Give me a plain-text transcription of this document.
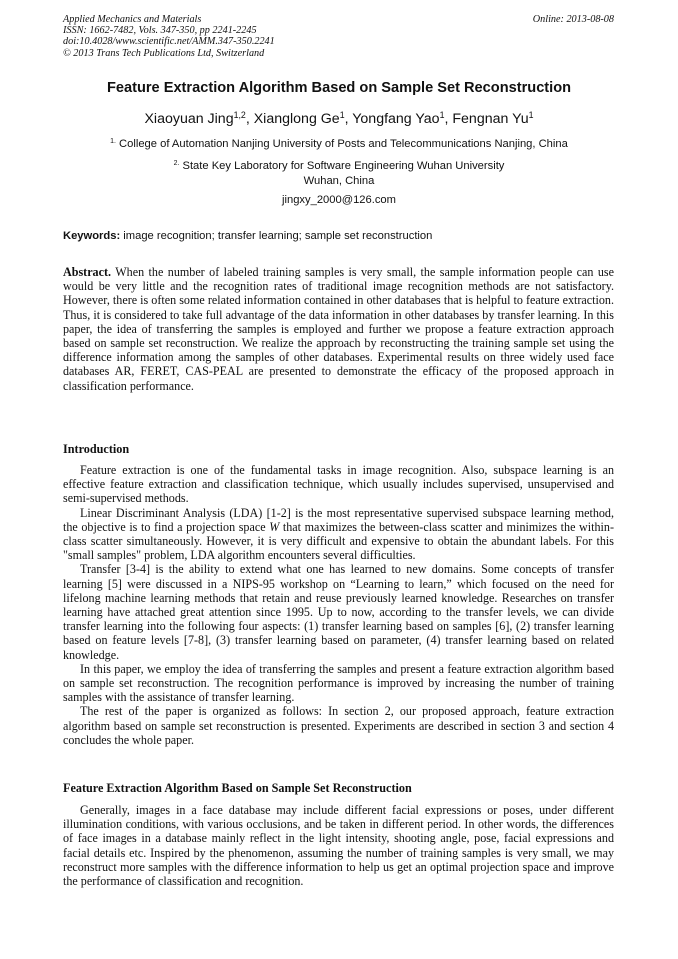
Applied Mechanics and Materials
ISSN: 1662-7482, Vols. 347-350, pp 2241-2245
doi:10.4028/www.scientific.net/AMM.347-350.2241
© 2013 Trans Tech Publications Ltd, Switzerland
Online: 2013-08-08
Feature Extraction Algorithm Based on Sample Set Reconstruction
Xiaoyuan Jing$^{1,2}$, Xianglong Ge$^1$, Yongfang Yao$^1$, Fengnan Yu$^1$
$^{1.}$ College of Automation Nanjing University of Posts and Telecommunications Nanjing, China
$^{2.}$ State Key Laboratory for Software Engineering Wuhan University
Wuhan, China
jingxy_2000@126.com
Keywords: image recognition; transfer learning; sample set reconstruction

Abstract. When the number of labeled training samples is very small, the sample information people can use would be very little and the recognition rates of traditional image recognition methods are not satisfactory. However, there is often some related information contained in other databases that is helpful to feature extraction. Thus, it is considered to take full advantage of the data information in other databases by transfer learning. In this paper, the idea of transferring the samples is employed and further we propose a feature extraction approach based on sample set reconstruction. We realize the approach by reconstructing the training sample set using the difference information among the samples of other databases. Experimental results on three widely used face databases AR, FERET, CAS-PEAL are presented to demonstrate the efficacy of the proposed approach in classification performance.

Introduction

Feature extraction is one of the fundamental tasks in image recognition. Also, subspace learning is an effective feature extraction and classification technique, which usually includes supervised, unsupervised and semi-supervised methods.

Linear Discriminant Analysis (LDA) [1-2] is the most representative supervised subspace learning method, the objective is to find a projection space W that maximizes the between-class scatter and minimizes the within-class scatter simultaneously. However, it is very difficult and expensive to obtain the abundant labels. For this "small samples" problem, LDA algorithm encounters several difficulties.

Transfer [3-4] is the ability to extend what one has learned to new domains. Some concepts of transfer learning [5] were discussed in a NIPS-95 workshop on “Learning to learn,” which focused on the need for lifelong machine learning methods that retain and reuse previously learned knowledge. Researches on transfer learning have attached great attention since 1995. Up to now, according to the transfer levels, we can divide transfer learning into the following four aspects: (1) transfer learning based on samples [6], (2) transfer learning based on feature levels [7-8], (3) transfer learning based on parameter, (4) transfer learning based on related knowledge.

In this paper, we employ the idea of transferring the samples and present a feature extraction algorithm based on sample set reconstruction. The recognition performance is improved by increasing the number of training samples with the assistance of transfer learning.

The rest of the paper is organized as follows: In section 2, our proposed approach, feature extraction algorithm based on sample set reconstruction is presented. Experiments are described in section 3 and section 4 concludes the whole paper.

Feature Extraction Algorithm Based on Sample Set Reconstruction

Generally, images in a face database may include different facial expressions or poses, under different illumination conditions, with various occlusions, and be taken in different period. In other words, the differences of face images in a database mainly reflect in the light intensity, shooting angle, pose, facial expressions and facial details etc. Inspired by the phenomenon, assuming the number of training samples is very small, we may reconstruct more samples with the difference information to help us get an optimal projection space and improve the performance of classification and recognition.
